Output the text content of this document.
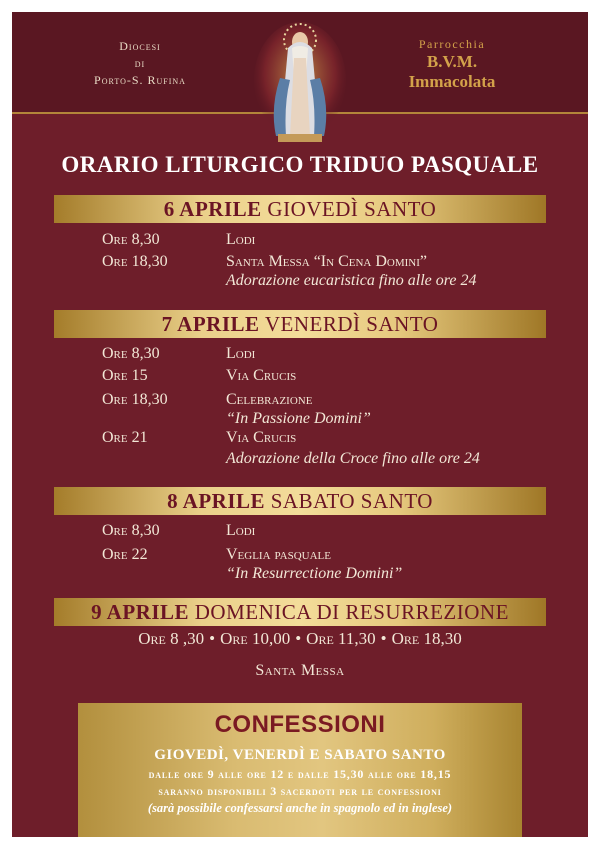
Diocesi
di
Porto-S. Rufina
Parrocchia
B.V.M.
Immacolata
ORARIO LITURGICO TRIDUO PASQUALE
6 APRILE GIOVEDÌ SANTO
Ore 8,30	Lodi
Ore 18,30	Santa Messa “In Cena Domini”
Adorazione eucaristica fino alle ore 24
7 APRILE VENERDÌ SANTO
Ore 8,30	Lodi
Ore 15	Via Crucis
Ore 18,30	Celebrazione
“In Passione Domini”
Ore 21	Via Crucis
Adorazione della Croce fino alle ore 24
8 APRILE SABATO SANTO
Ore 8,30	Lodi
Ore 22	Veglia pasquale
“In Resurrectione Domini”
9 APRILE DOMENICA DI RESURREZIONE
Ore 8 ,30 • Ore 10,00 • Ore 11,30 • Ore 18,30
Santa Messa
CONFESSIONI
GIOVEDÌ, VENERDÌ E SABATO SANTO
dalle ore 9 alle ore 12 e dalle 15,30 alle ore 18,15
saranno disponibili 3 sacerdoti per le confessioni
(sarà possibile confessarsi anche in spagnolo ed in inglese)
